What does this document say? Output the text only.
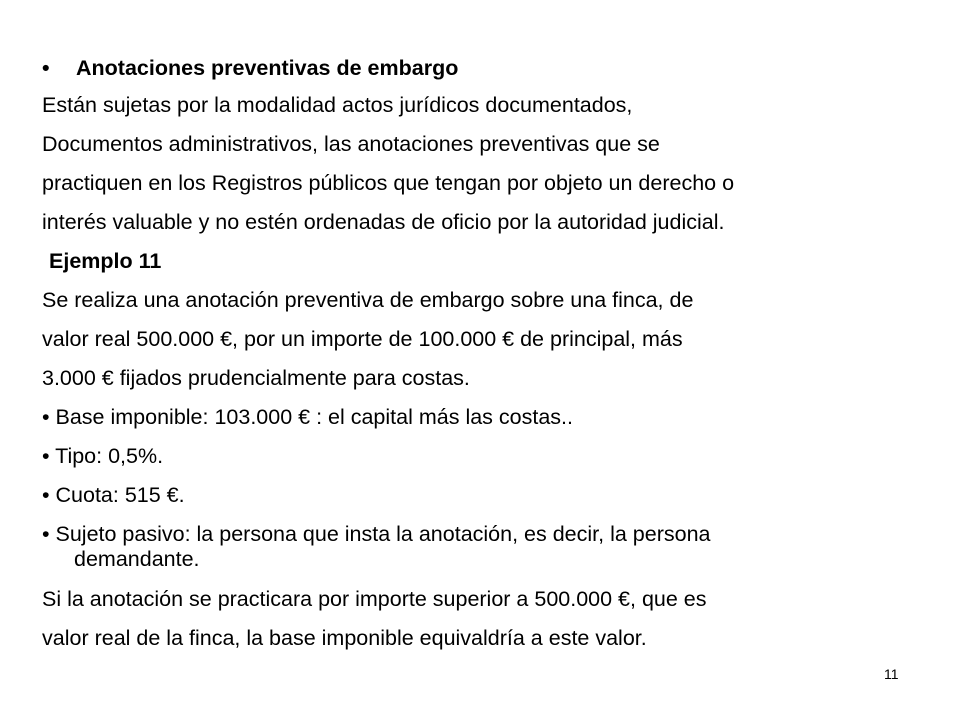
• Anotaciones preventivas de embargo
Están sujetas por la modalidad actos jurídicos documentados,
Documentos administrativos, las anotaciones preventivas que se
practiquen en los Registros públicos que tengan por objeto un derecho o
interés valuable y no estén ordenadas de oficio por la autoridad judicial.
Ejemplo 11
Se realiza una anotación preventiva de embargo sobre una finca, de
valor real 500.000 €, por un importe de 100.000 € de principal, más
3.000 € fijados prudencialmente para costas.
• Base imponible: 103.000 € : el capital más las costas..
• Tipo: 0,5%.
• Cuota: 515 €.
• Sujeto pasivo: la persona que insta la anotación, es decir, la persona
demandante.
Si la anotación se practicara por importe superior a 500.000 €, que es
valor real de la finca, la base imponible equivaldría a este valor.
11
